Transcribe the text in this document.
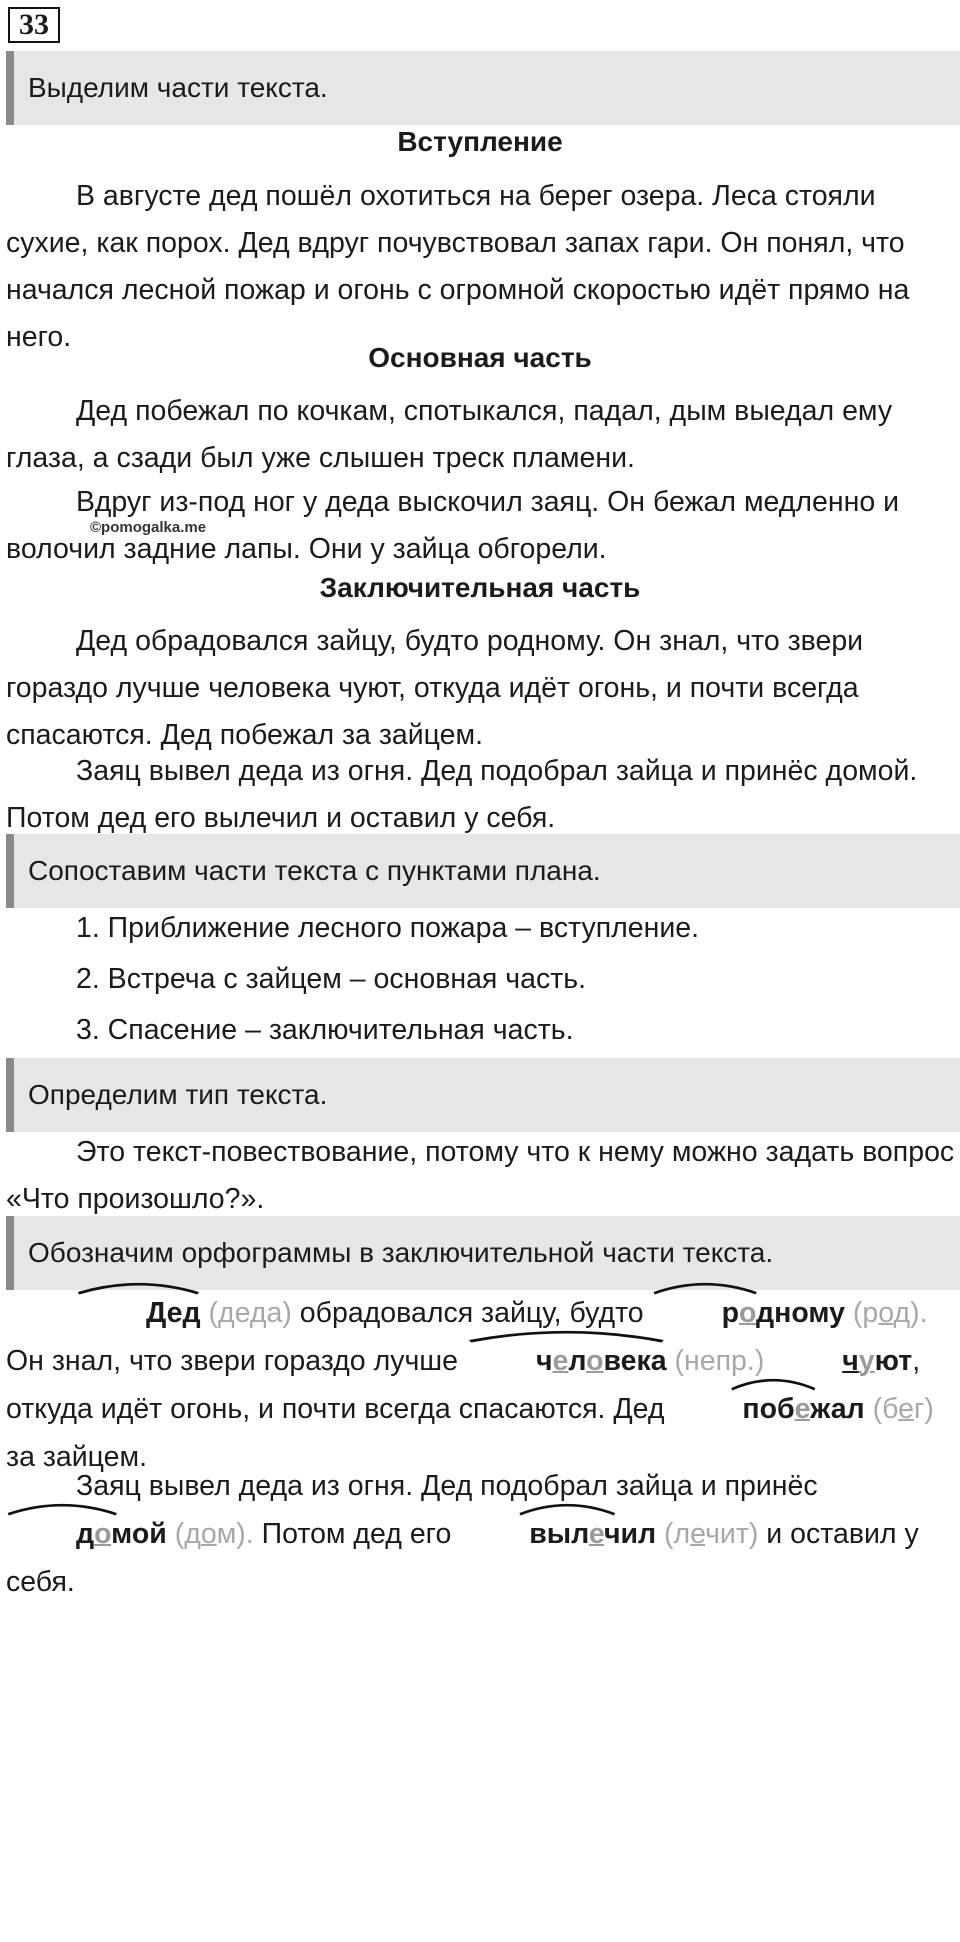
33
Выделим части текста.
Вступление

В августе дед пошёл охотиться на берег озера. Леса стояли сухие, как порох. Дед вдруг почувствовал запах гари. Он понял, что начался лесной пожар и огонь с огромной скоростью идёт прямо на него.

Основная часть
©pomogalka.me

Дед побежал по кочкам, спотыкался, падал, дым выедал ему глаза, а сзади был уже слышен треск пламени.

Вдруг из-под ног у деда выскочил заяц. Он бежал медленно и волочил задние лапы. Они у зайца обгорели.

Заключительная часть

Дед обрадовался зайцу, будто родному. Он знал, что звери гораздо лучше человека чуют, откуда идёт огонь, и почти всегда спасаются. Дед побежал за зайцем.

Заяц вывел деда из огня. Дед подобрал зайца и принёс домой. Потом дед его вылечил и оставил у себя.

Сопоставим части текста с пунктами плана.
1. Приближение лесного пожара – вступление.
2. Встреча с зайцем – основная часть.
3. Спасение – заключительная часть.
Определим тип текста.

Это текст-повествование, потому что к нему можно задать вопрос «Что произошло?».

Обозначим орфограммы в заключительной части текста.

Дед (деда) обрадовался зайцу, будто
родному (род). Он знал, что звери гораздо лучше
человека (непр.)	чуют, откуда идёт огонь, и почти всегда спасаются. Дед
побежал (бег) за зайцем.

Заяц вывел деда из огня. Дед подобрал зайца и принёс
домой (дом). Потом дед его
вылечил (лечит) и оставил у себя.
